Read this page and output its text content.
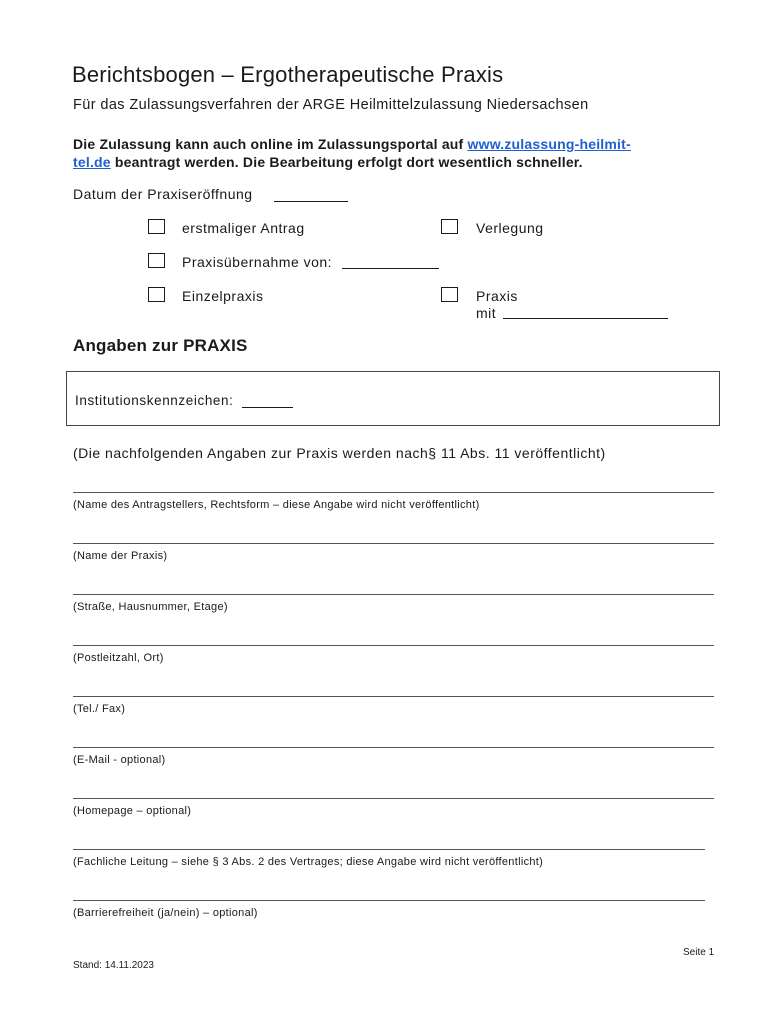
Berichtsbogen – Ergotherapeutische Praxis
Für das Zulassungsverfahren der ARGE Heilmittelzulassung Niedersachsen
Die Zulassung kann auch online im Zulassungsportal auf www.zulassung-heilmit-
tel.de beantragt werden. Die Bearbeitung erfolgt dort wesentlich schneller.
Datum der Praxiseröffnung
erstmaliger Antrag	Verlegung
Praxisübernahme von:
Einzelpraxis	Praxis
mit
Angaben zur PRAXIS
Institutionskennzeichen:
(Die nachfolgenden Angaben zur Praxis werden nach§ 11 Abs. 11 veröffentlicht)
(Name des Antragstellers, Rechtsform – diese Angabe wird nicht veröffentlicht)
(Name der Praxis)
(Straße, Hausnummer, Etage)
(Postleitzahl, Ort)
(Tel./ Fax)
(E-Mail - optional)
(Homepage – optional)
(Fachliche Leitung – siehe § 3 Abs. 2 des Vertrages; diese Angabe wird nicht veröffentlicht)
(Barrierefreiheit (ja/nein) – optional)
Seite 1
Stand: 14.11.2023
